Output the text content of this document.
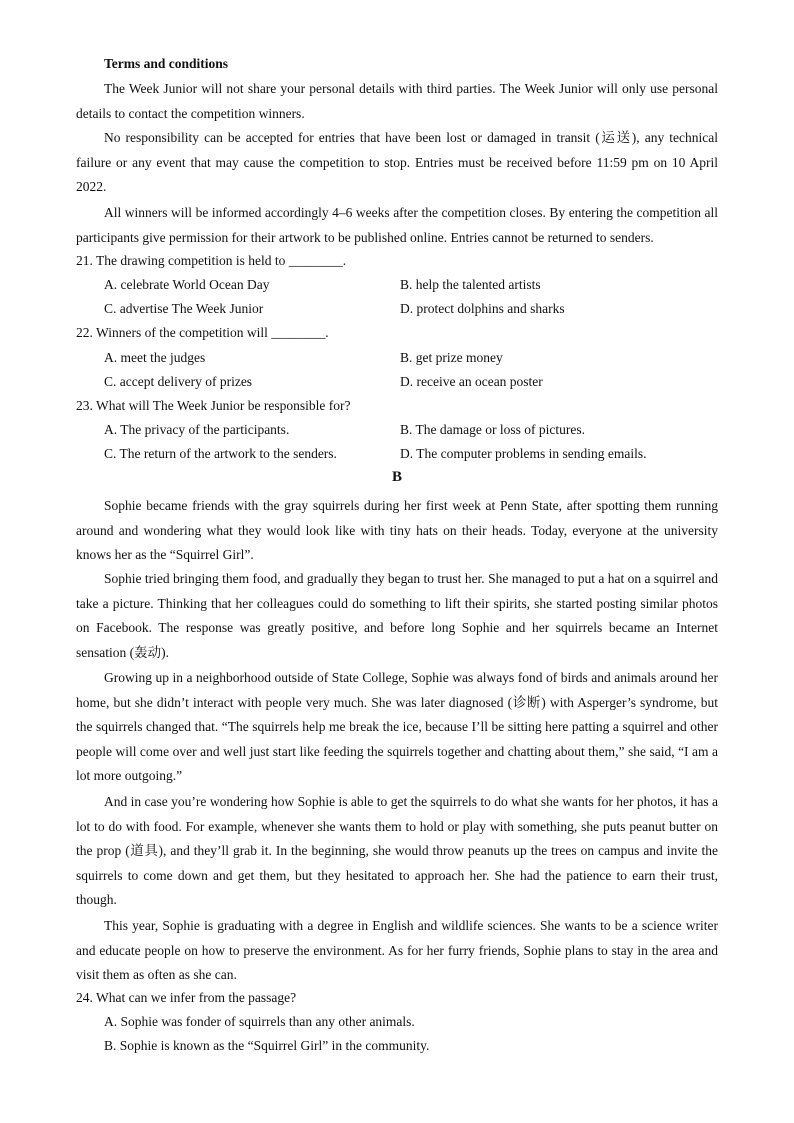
Terms and conditions

The Week Junior will not share your personal details with third parties. The Week Junior will only use personal details to contact the competition winners.

No responsibility can be accepted for entries that have been lost or damaged in transit (运送), any technical failure or any event that may cause the competition to stop. Entries must be received before 11:59 pm on 10 April 2022.

All winners will be informed accordingly 4–6 weeks after the competition closes. By entering the competition all participants give permission for their artwork to be published online. Entries cannot be returned to senders.

21. The drawing competition is held to ________.
A. celebrate World Ocean Day	B. help the talented artists
C. advertise The Week Junior	D. protect dolphins and sharks
22. Winners of the competition will ________.
A. meet the judges	B. get prize money
C. accept delivery of prizes	D. receive an ocean poster
23. What will The Week Junior be responsible for?
A. The privacy of the participants.	B. The damage or loss of pictures.
C. The return of the artwork to the senders.	D. The computer problems in sending emails.
B

Sophie became friends with the gray squirrels during her first week at Penn State, after spotting them running around and wondering what they would look like with tiny hats on their heads. Today, everyone at the university knows her as the “Squirrel Girl”.

Sophie tried bringing them food, and gradually they began to trust her. She managed to put a hat on a squirrel and take a picture. Thinking that her colleagues could do something to lift their spirits, she started posting similar photos on Facebook. The response was greatly positive, and before long Sophie and her squirrels became an Internet sensation (轰动).

Growing up in a neighborhood outside of State College, Sophie was always fond of birds and animals around her home, but she didn’t interact with people very much. She was later diagnosed (诊断) with Asperger’s syndrome, but the squirrels changed that. “The squirrels help me break the ice, because I’ll be sitting here patting a squirrel and other people will come over and well just start like feeding the squirrels together and chatting about them,” she said, “I am a lot more outgoing.”

And in case you’re wondering how Sophie is able to get the squirrels to do what she wants for her photos, it has a lot to do with food. For example, whenever she wants them to hold or play with something, she puts peanut butter on the prop (道具), and they’ll grab it. In the beginning, she would throw peanuts up the trees on campus and invite the squirrels to come down and get them, but they hesitated to approach her. She had the patience to earn their trust, though.

This year, Sophie is graduating with a degree in English and wildlife sciences. She wants to be a science writer and educate people on how to preserve the environment. As for her furry friends, Sophie plans to stay in the area and visit them as often as she can.

24. What can we infer from the passage?
A. Sophie was fonder of squirrels than any other animals.
B. Sophie is known as the “Squirrel Girl” in the community.
